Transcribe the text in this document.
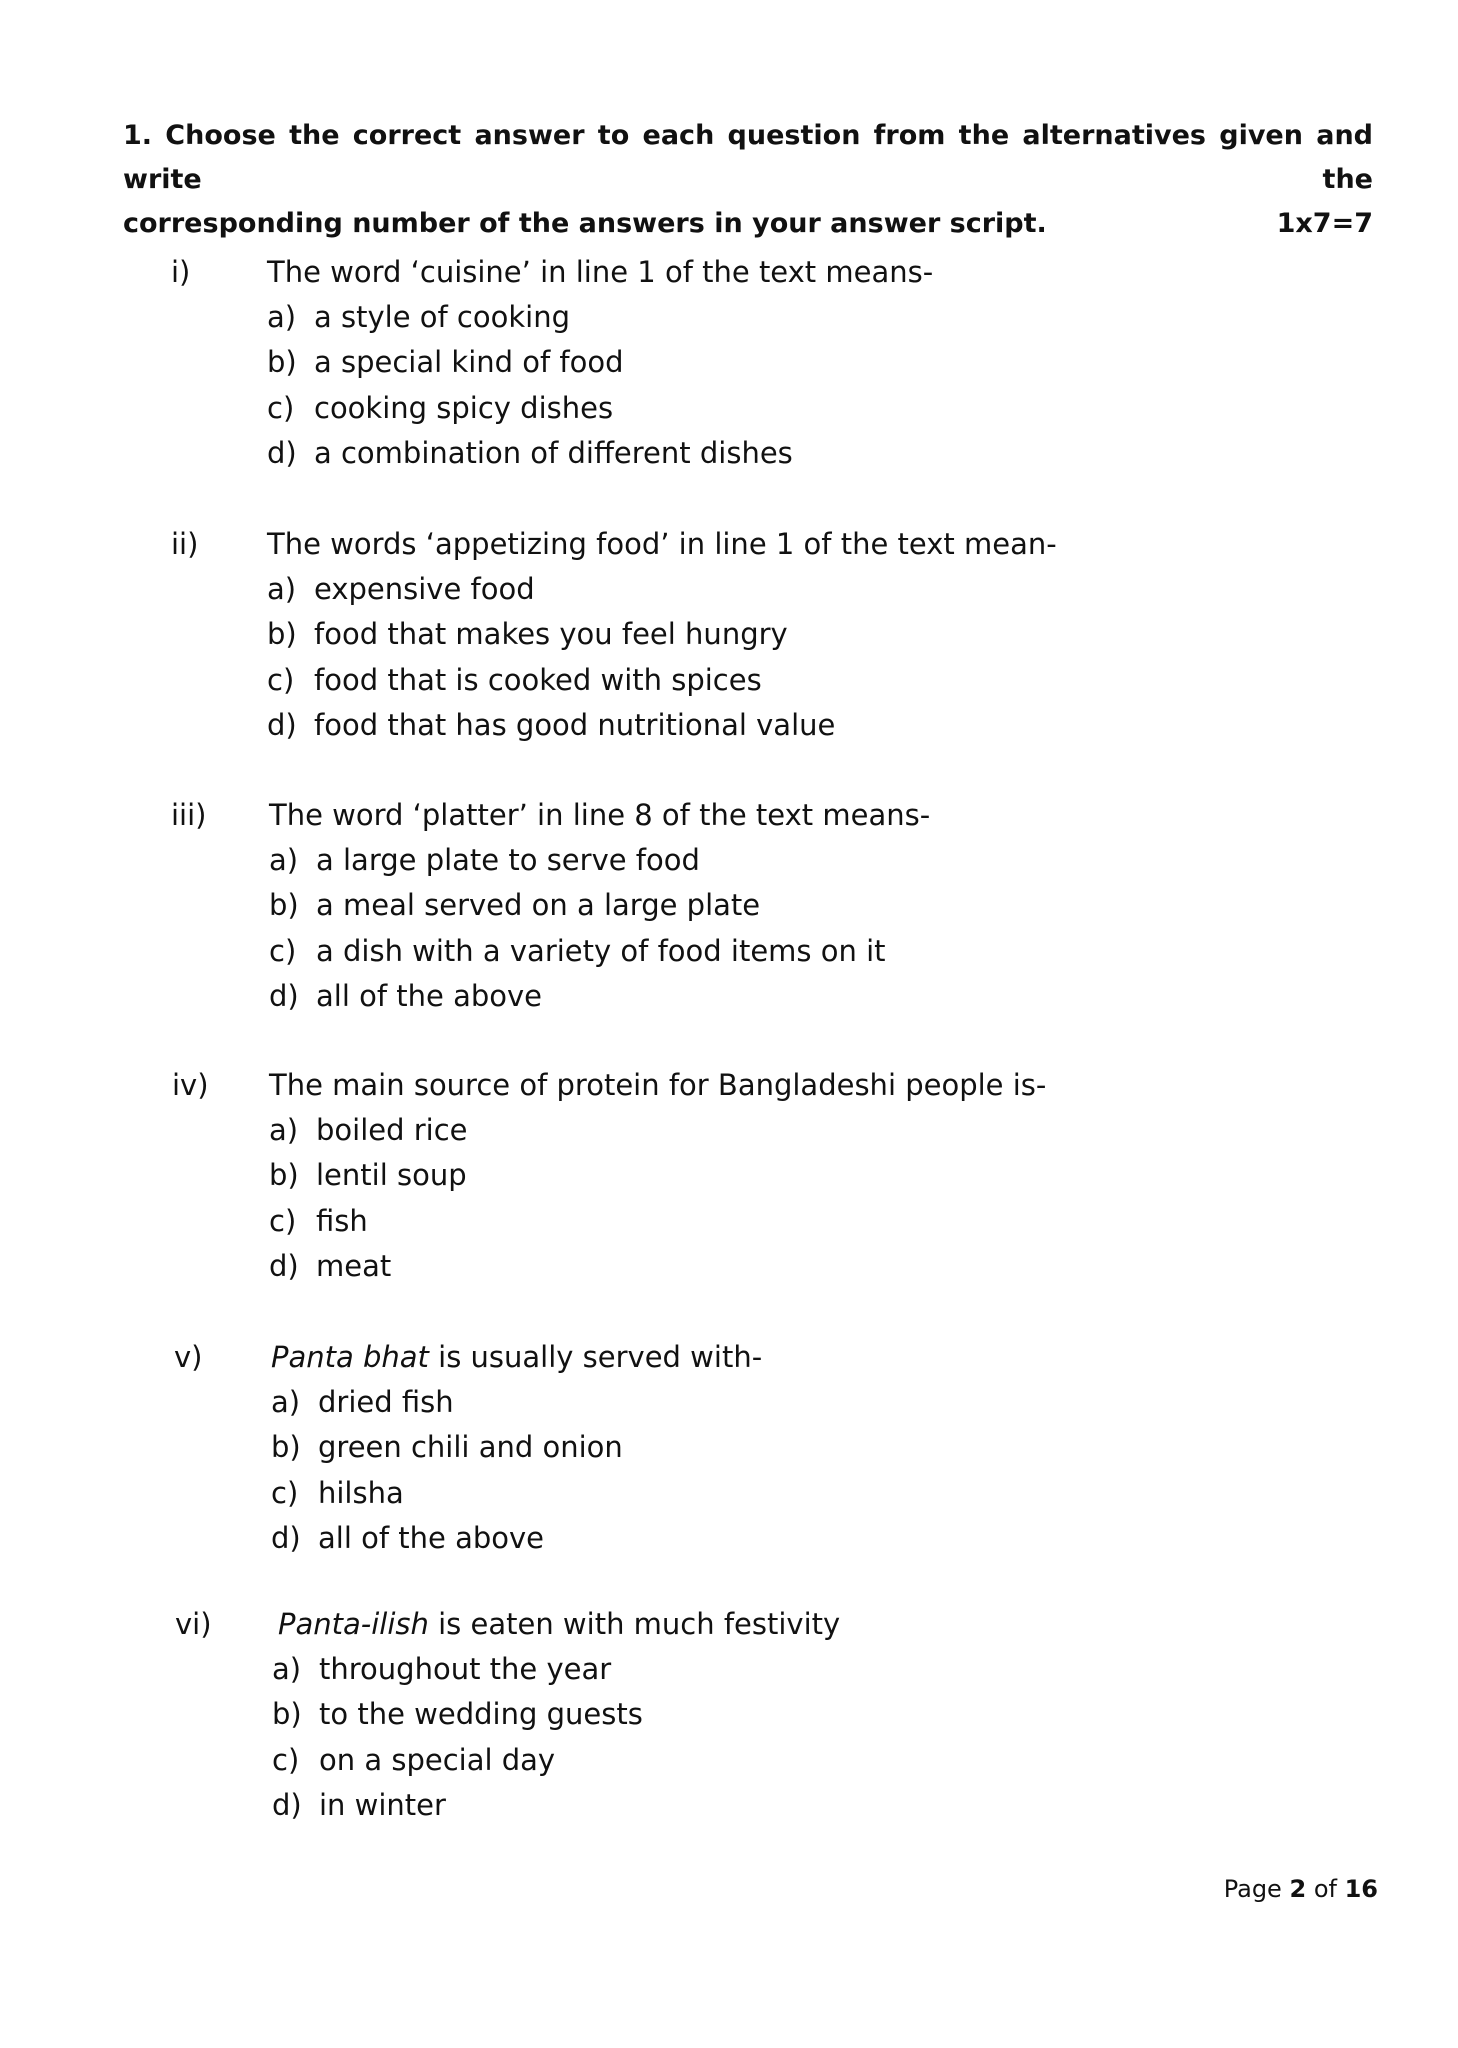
1. Choose the correct answer to each question from the alternatives given and write the
corresponding number of the answers in your answer script.	1x7=7
i)	The word ‘cuisine’ in line 1 of the text means-
a) a style of cooking
b) a special kind of food
c) cooking spicy dishes
d) a combination of different dishes
ii) The words ‘appetizing food’ in line 1 of the text mean-
a) expensive food
b) food that makes you feel hungry
c) food that is cooked with spices
d) food that has good nutritional value
iii) The word ‘platter’ in line 8 of the text means-
a) a large plate to serve food
b) a meal served on a large plate
c) a dish with a variety of food items on it
d) all of the above
iv) The main source of protein for Bangladeshi people is-
a) boiled rice
b) lentil soup
c) fish
d) meat
v) Panta bhat is usually served with-
a) dried fish
b) green chili and onion
c) hilsha
d) all of the above
vi) Panta-ilish is eaten with much festivity
a) throughout the year
b) to the wedding guests
c) on a special day
d) in winter
Page 2 of 16
